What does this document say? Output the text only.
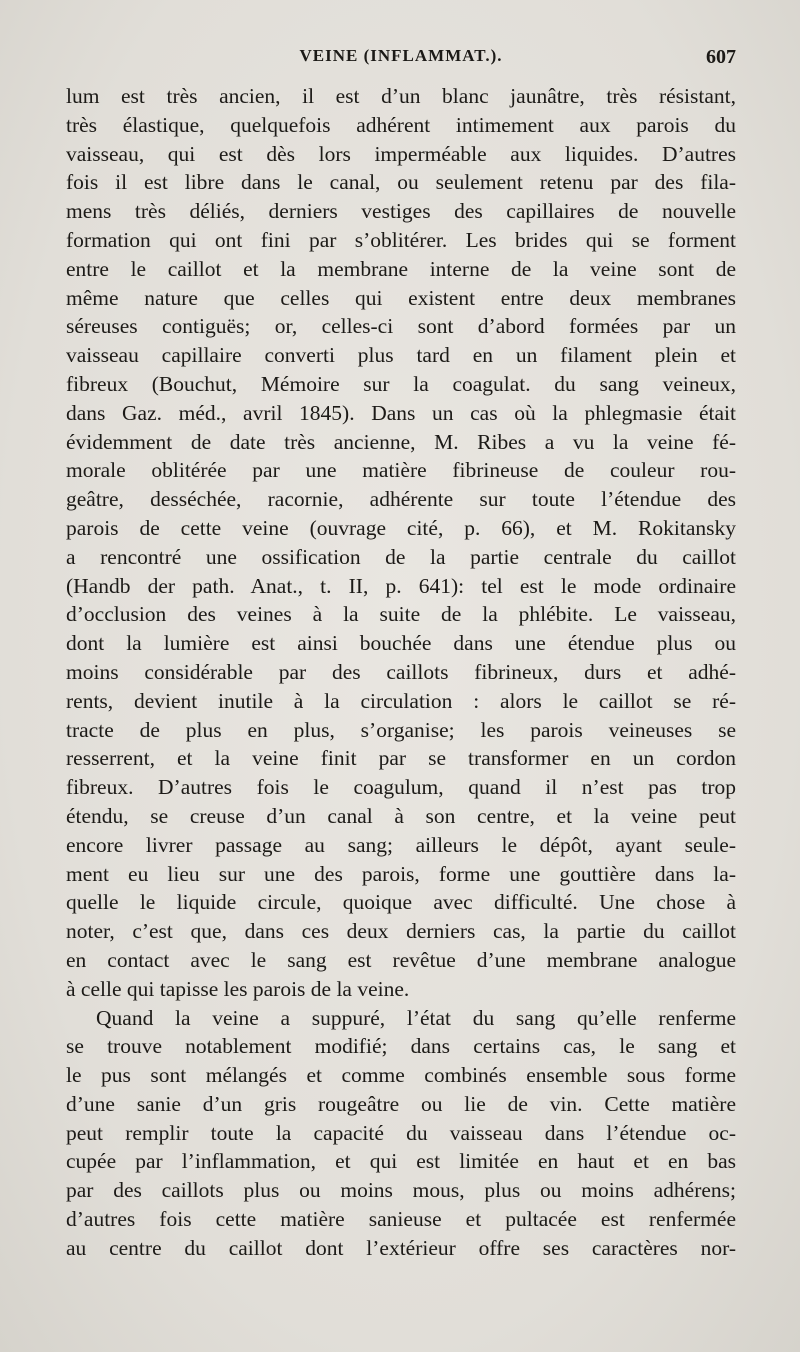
VEINE (INFLAMMAT.).	607
lum est très ancien, il est d’un blanc jaunâtre, très résistant,
très élastique, quelquefois adhérent intimement aux parois du
vaisseau, qui est dès lors imperméable aux liquides. D’autres
fois il est libre dans le canal, ou seulement retenu par des fila-
mens très déliés, derniers vestiges des capillaires de nouvelle
formation qui ont fini par s’oblitérer. Les brides qui se forment
entre le caillot et la membrane interne de la veine sont de
même nature que celles qui existent entre deux membranes
séreuses contiguës; or, celles-ci sont d’abord formées par un
vaisseau capillaire converti plus tard en un filament plein et
fibreux (Bouchut, Mémoire sur la coagulat. du sang veineux,
dans Gaz. méd., avril 1845). Dans un cas où la phlegmasie était
évidemment de date très ancienne, M. Ribes a vu la veine fé-
morale oblitérée par une matière fibrineuse de couleur rou-
geâtre, desséchée, racornie, adhérente sur toute l’étendue des
parois de cette veine (ouvrage cité, p. 66), et M. Rokitansky
a rencontré une ossification de la partie centrale du caillot
(Handb der path. Anat., t. II, p. 641): tel est le mode ordinaire
d’occlusion des veines à la suite de la phlébite. Le vaisseau,
dont la lumière est ainsi bouchée dans une étendue plus ou
moins considérable par des caillots fibrineux, durs et adhé-
rents, devient inutile à la circulation : alors le caillot se ré-
tracte de plus en plus, s’organise; les parois veineuses se
resserrent, et la veine finit par se transformer en un cordon
fibreux. D’autres fois le coagulum, quand il n’est pas trop
étendu, se creuse d’un canal à son centre, et la veine peut
encore livrer passage au sang; ailleurs le dépôt, ayant seule-
ment eu lieu sur une des parois, forme une gouttière dans la-
quelle le liquide circule, quoique avec difficulté. Une chose à
noter, c’est que, dans ces deux derniers cas, la partie du caillot
en contact avec le sang est revêtue d’une membrane analogue
à celle qui tapisse les parois de la veine.
Quand la veine a suppuré, l’état du sang qu’elle renferme
se trouve notablement modifié; dans certains cas, le sang et
le pus sont mélangés et comme combinés ensemble sous forme
d’une sanie d’un gris rougeâtre ou lie de vin. Cette matière
peut remplir toute la capacité du vaisseau dans l’étendue oc-
cupée par l’inflammation, et qui est limitée en haut et en bas
par des caillots plus ou moins mous, plus ou moins adhérens;
d’autres fois cette matière sanieuse et pultacée est renfermée
au centre du caillot dont l’extérieur offre ses caractères nor-
